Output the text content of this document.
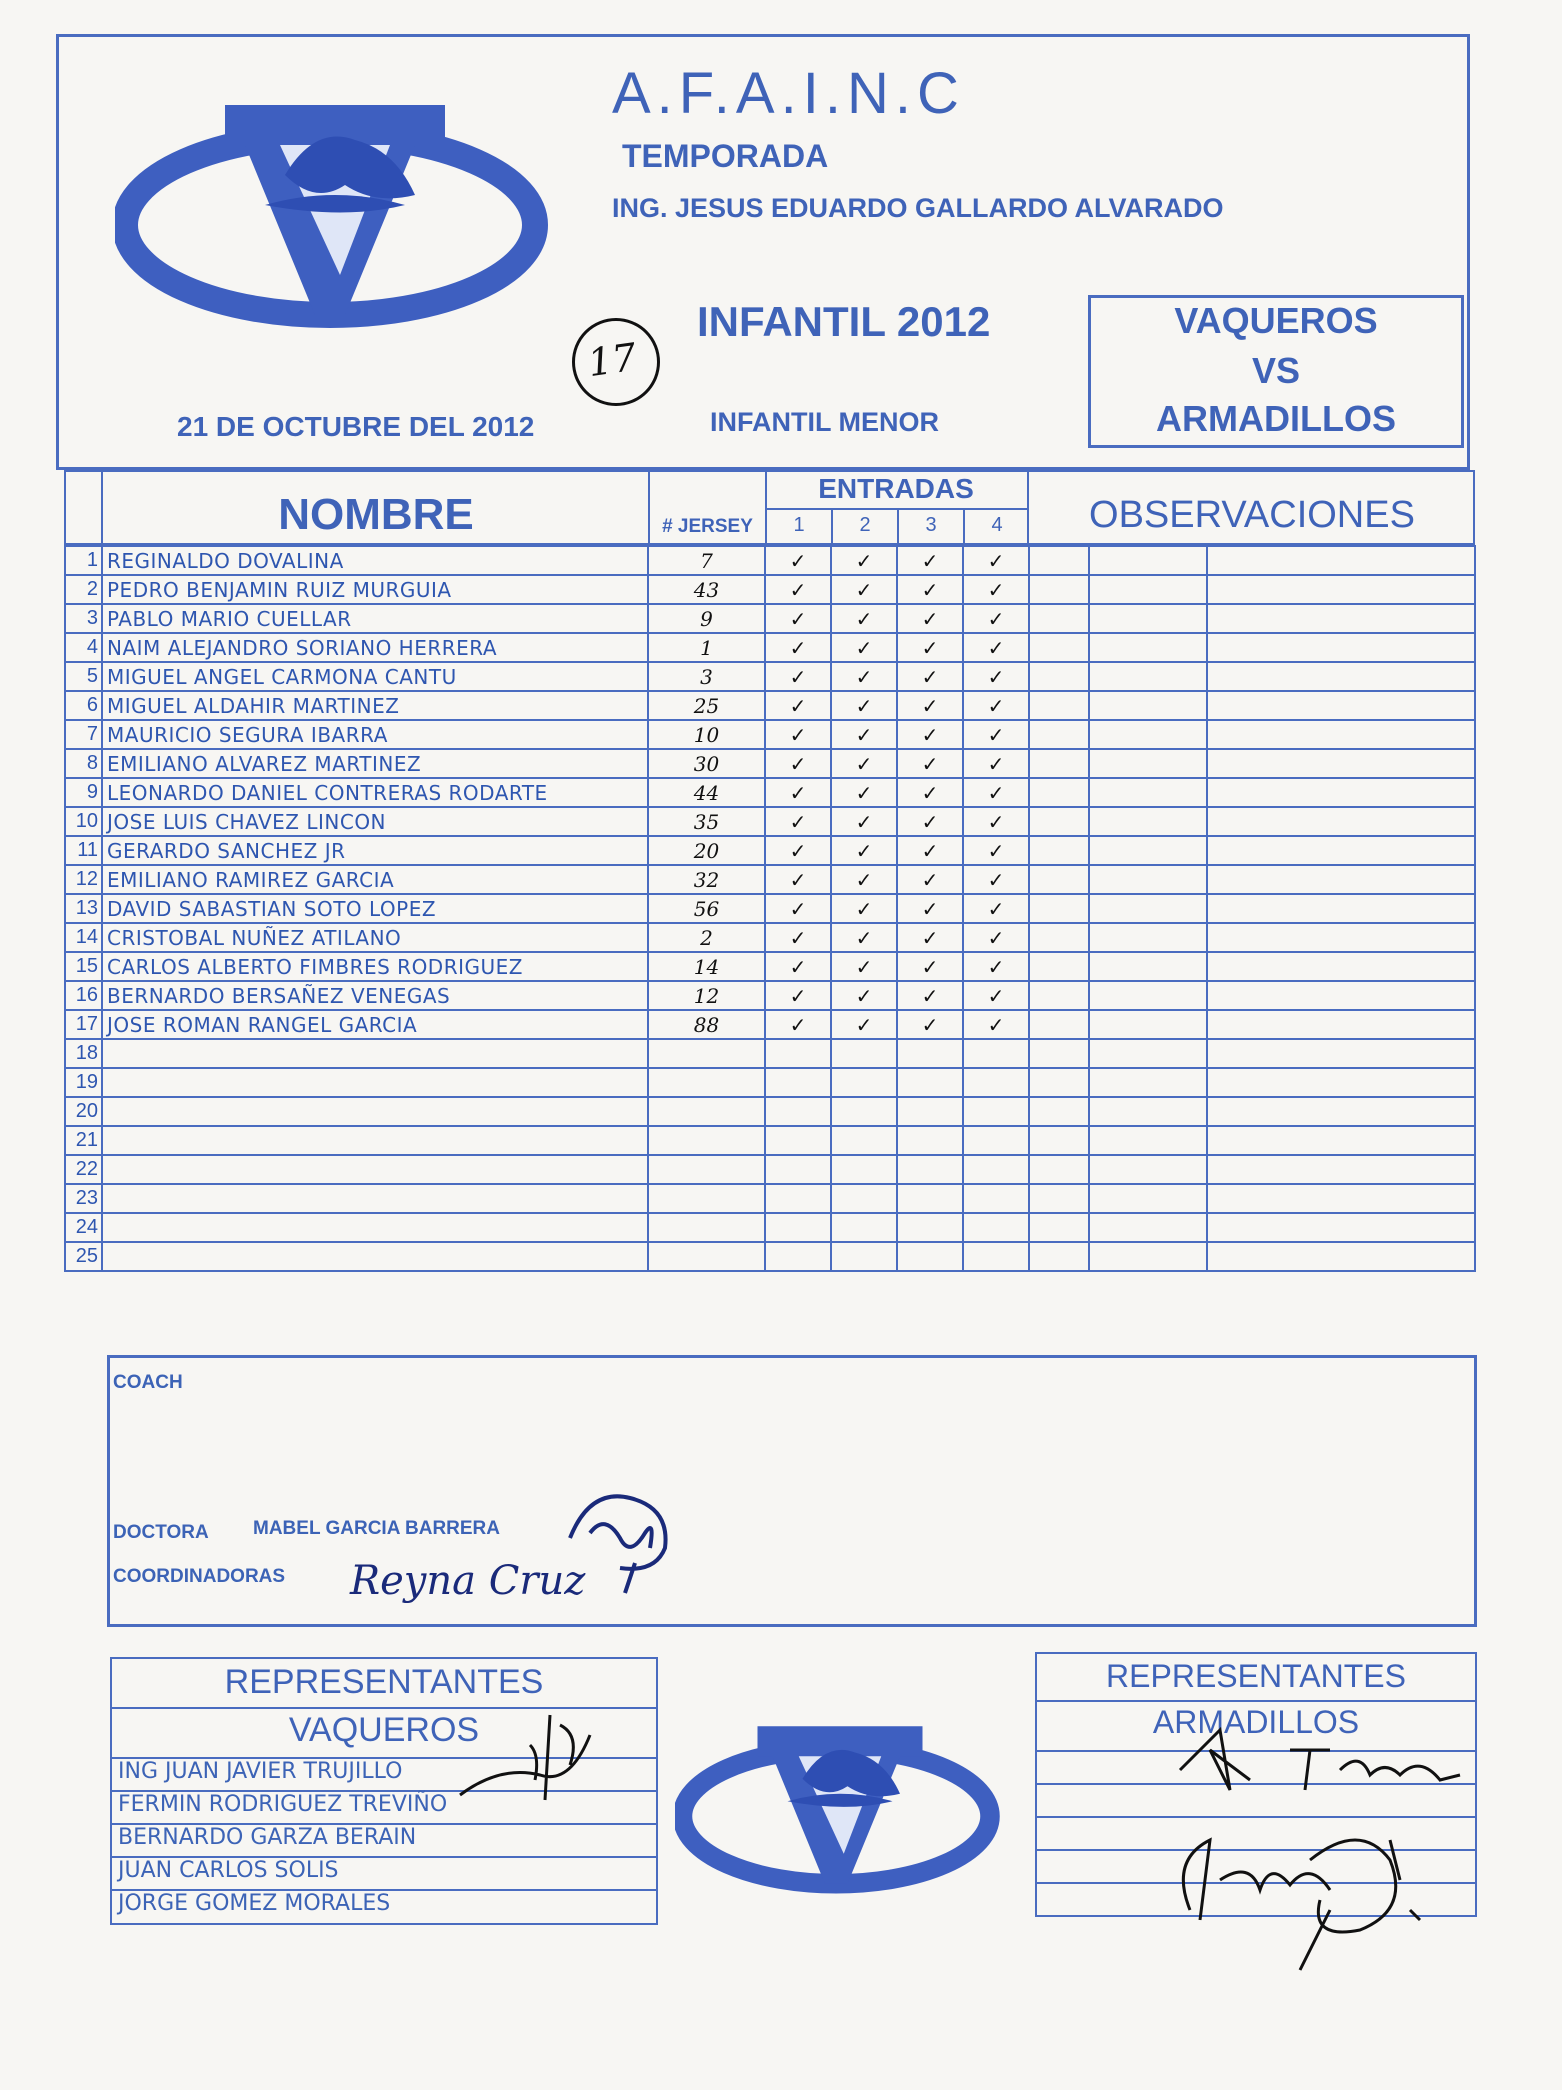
A.F.A.I.N.C
TEMPORADA
ING. JESUS EDUARDO GALLARDO ALVARADO
INFANTIL 2012
21 DE OCTUBRE DEL 2012	INFANTIL MENOR
17
VAQUEROS
VS
ARMADILLOS
NOMBRE	# JERSEY
ENTRADAS
1	2	3	4	OBSERVACIONES
1	REGINALDO DOVALINA	7	✓	✓	✓	✓			
2	PEDRO BENJAMIN RUIZ MURGUIA	43	✓	✓	✓	✓			
3	PABLO MARIO CUELLAR	9	✓	✓	✓	✓			
4	NAIM ALEJANDRO SORIANO HERRERA	1	✓	✓	✓	✓			
5	MIGUEL ANGEL CARMONA CANTU	3	✓	✓	✓	✓			
6	MIGUEL ALDAHIR MARTINEZ	25	✓	✓	✓	✓			
7	MAURICIO SEGURA IBARRA	10	✓	✓	✓	✓			
8	EMILIANO ALVAREZ MARTINEZ	30	✓	✓	✓	✓			
9	LEONARDO DANIEL CONTRERAS RODARTE	44	✓	✓	✓	✓			
10	JOSE LUIS CHAVEZ LINCON	35	✓	✓	✓	✓			
11	GERARDO SANCHEZ JR	20	✓	✓	✓	✓			
12	EMILIANO RAMIREZ GARCIA	32	✓	✓	✓	✓			
13	DAVID SABASTIAN SOTO LOPEZ	56	✓	✓	✓	✓			
14	CRISTOBAL NUÑEZ ATILANO	2	✓	✓	✓	✓			
15	CARLOS ALBERTO FIMBRES RODRIGUEZ	14	✓	✓	✓	✓			
16	BERNARDO BERSAÑEZ VENEGAS	12	✓	✓	✓	✓			
17	JOSE ROMAN RANGEL GARCIA	88	✓	✓	✓	✓			
18									
19									
20									
21									
22									
23									
24									
25									
COACH
DOCTORA MABEL GARCIA BARRERA
COORDINADORAS Reyna Cruz
REPRESENTANTES
VAQUEROS
ING JUAN JAVIER TRUJILLO
FERMIN RODRIGUEZ TREVIÑO
BERNARDO GARZA BERAIN
JUAN CARLOS SOLIS
JORGE GOMEZ MORALES
REPRESENTANTES
ARMADILLOS
